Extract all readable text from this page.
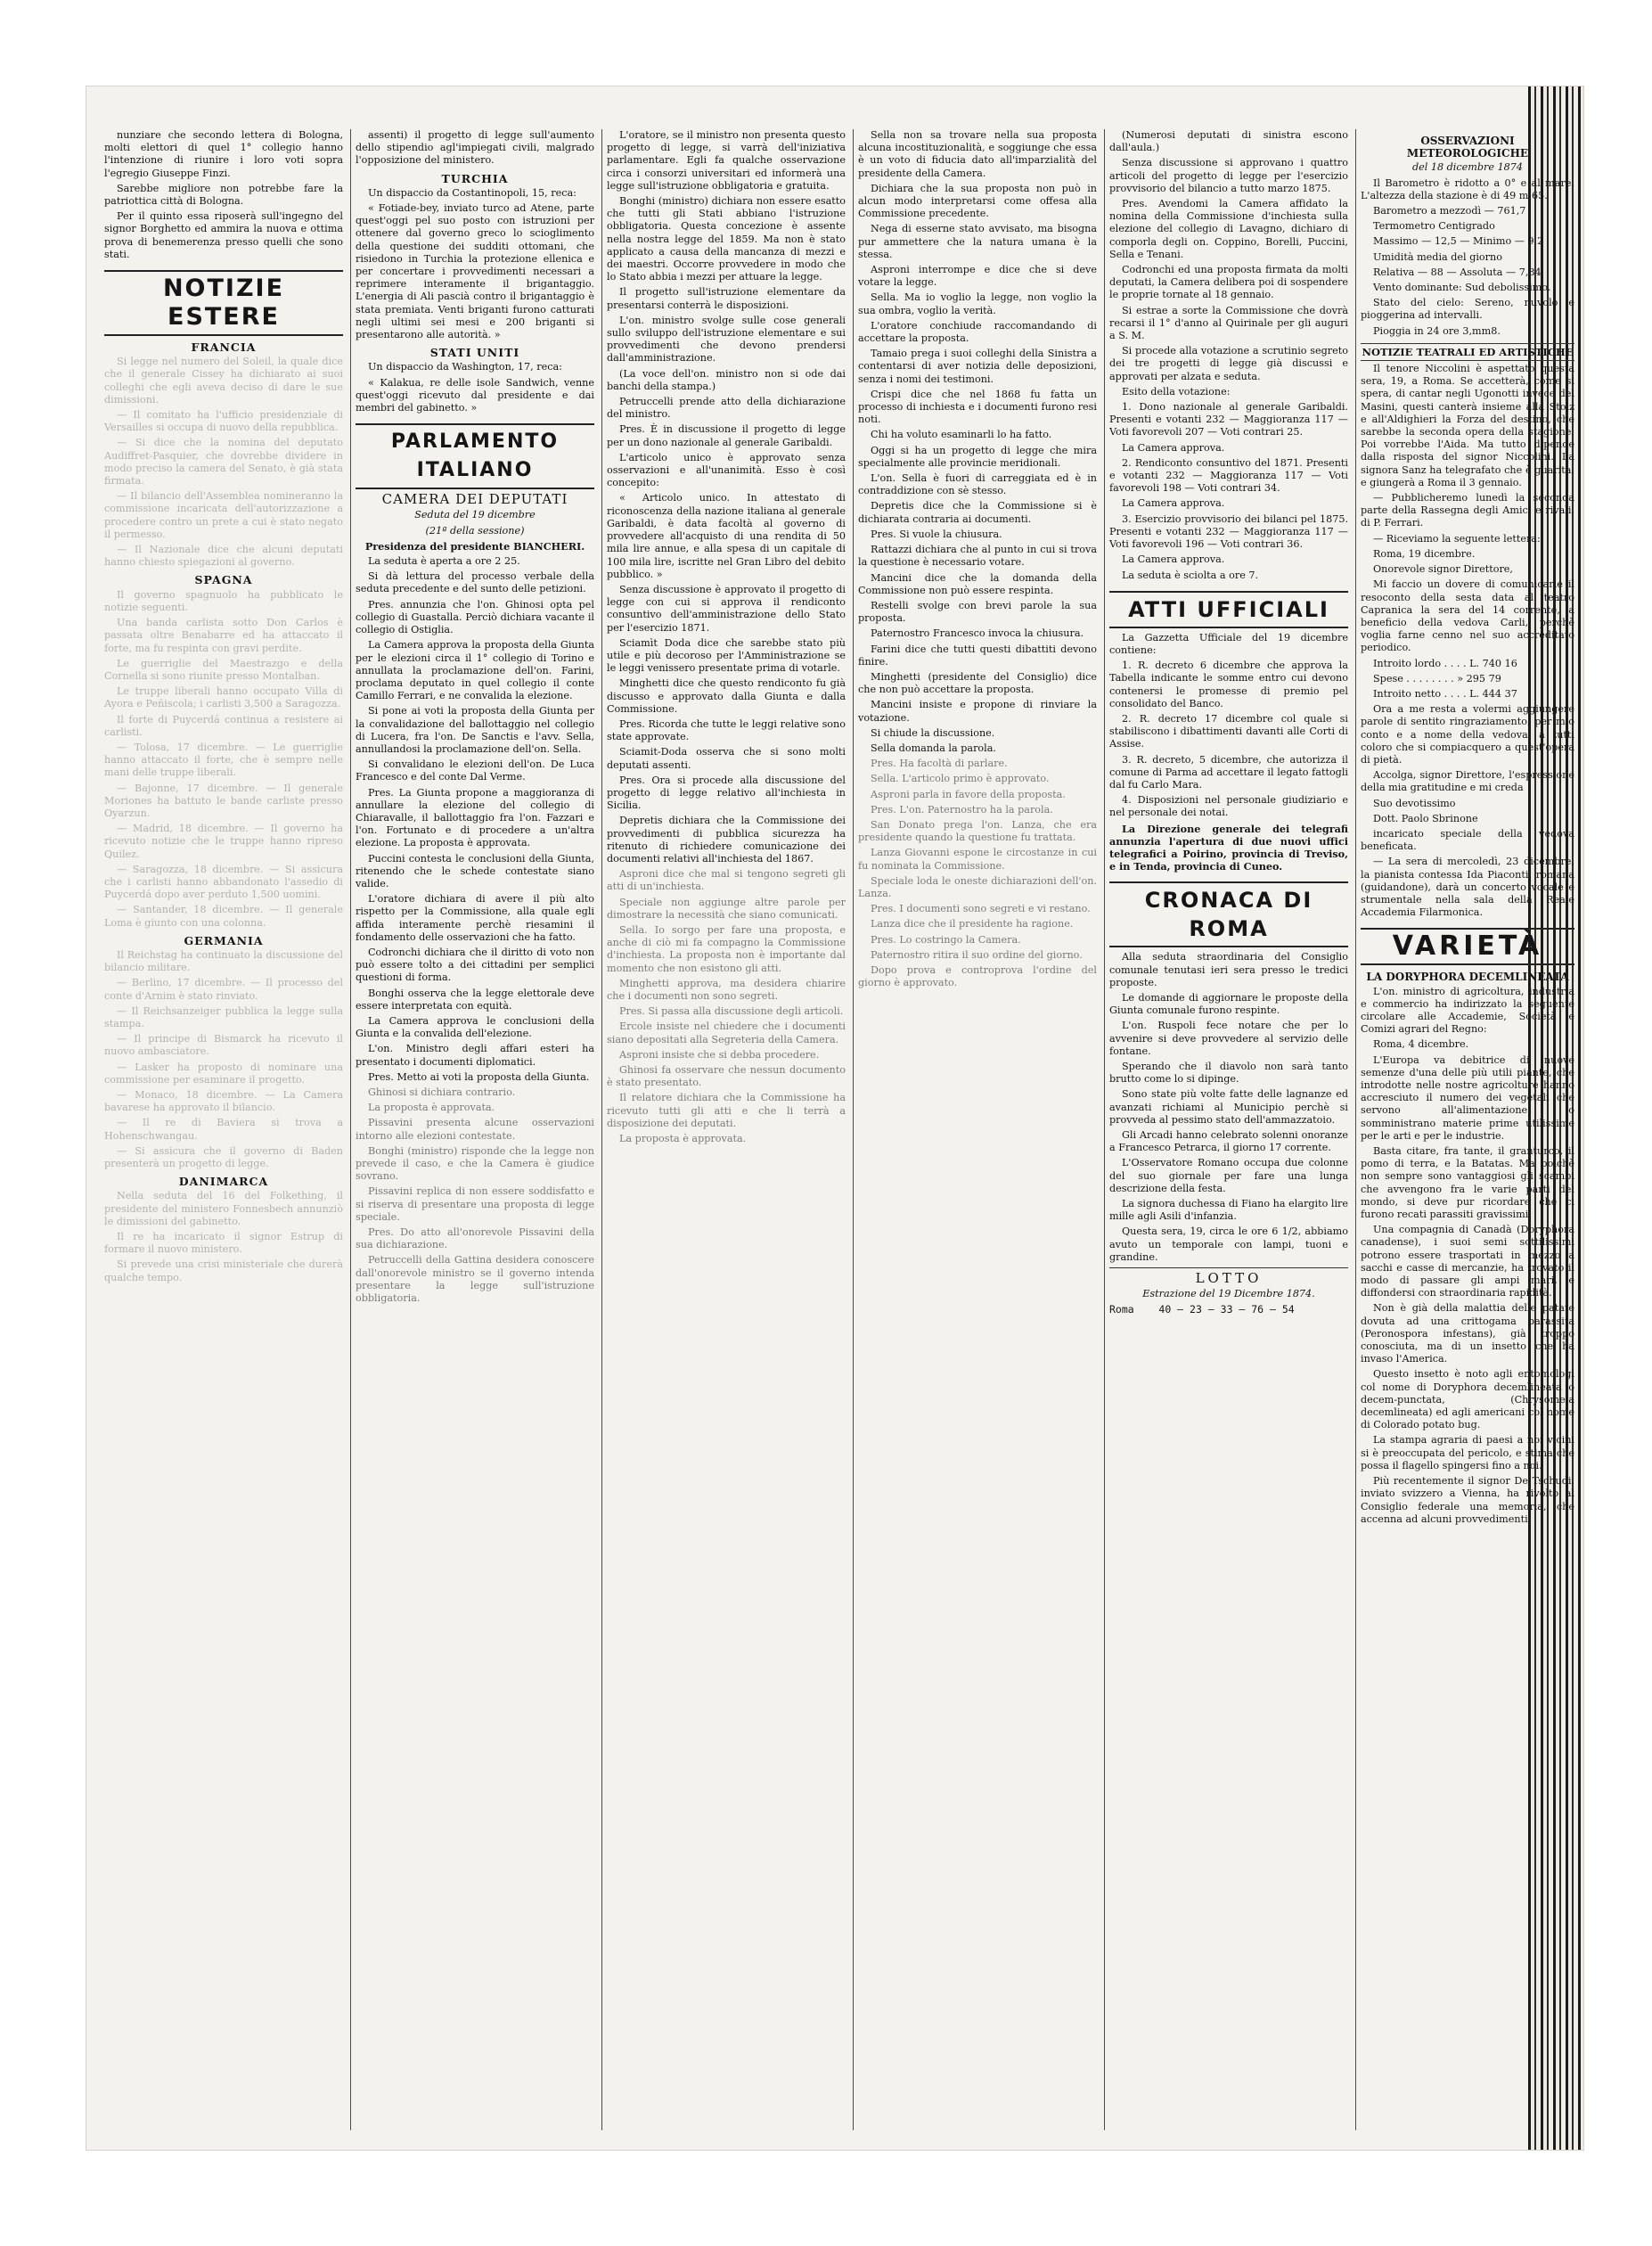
nunziare che secondo lettera di Bologna, molti elettori di quel 1° collegio hanno l'intenzione di riunire i loro voti sopra l'egregio Giuseppe Finzi.

Sarebbe migliore non potrebbe fare la patriottica città di Bologna.

Per il quinto essa riposerà sull'ingegno del signor Borghetto ed ammira la nuova e ottima prova di benemerenza presso quelli che sono stati.

NOTIZIE ESTERE
FRANCIA

Si legge nel numero del Soleil, la quale dice che il generale Cissey ha dichiarato ai suoi colleghi che egli aveva deciso di dare le sue dimissioni.

— Il comitato ha l'ufficio presidenziale di Versailles si occupa di nuovo della repubblica.

— Si dice che la nomina del deputato Audiffret-Pasquier, che dovrebbe dividere in modo preciso la camera del Senato, è già stata firmata.

— Il bilancio dell'Assemblea nomineranno la commissione incaricata dell'autorizzazione a procedere contro un prete a cui è stato negato il permesso.

— Il Nazionale dice che alcuni deputati hanno chiesto spiegazioni al governo.

SPAGNA

Il governo spagnuolo ha pubblicato le notizie seguenti.

Una banda carlista sotto Don Carlos è passata oltre Benabarre ed ha attaccato il forte, ma fu respinta con gravi perdite.

Le guerriglie del Maestrazgo e della Cornella si sono riunite presso Montalban.

Le truppe liberali hanno occupato Villa di Ayora e Peñiscola; i carlisti 3,500 a Saragozza.

Il forte di Puycerdá continua a resistere ai carlisti.

— Tolosa, 17 dicembre. — Le guerriglie hanno attaccato il forte, che è sempre nelle mani delle truppe liberali.

— Bajonne, 17 dicembre. — Il generale Moriones ha battuto le bande carliste presso Oyarzun.

— Madrid, 18 dicembre. — Il governo ha ricevuto notizie che le truppe hanno ripreso Quilez.

— Saragozza, 18 dicembre. — Si assicura che i carlisti hanno abbandonato l'assedio di Puycerdá dopo aver perduto 1,500 uomini.

— Santander, 18 dicembre. — Il generale Loma è giunto con una colonna.

GERMANIA

Il Reichstag ha continuato la discussione del bilancio militare.

— Berlino, 17 dicembre. — Il processo del conte d'Arnim è stato rinviato.

— Il Reichsanzeiger pubblica la legge sulla stampa.

— Il principe di Bismarck ha ricevuto il nuovo ambasciatore.

— Lasker ha proposto di nominare una commissione per esaminare il progetto.

— Monaco, 18 dicembre. — La Camera bavarese ha approvato il bilancio.

— Il re di Baviera si trova a Hohenschwangau.

— Si assicura che il governo di Baden presenterà un progetto di legge.

DANIMARCA

Nella seduta del 16 del Folkething, il presidente del ministero Fonnesbech annunziò le dimissioni del gabinetto.

Il re ha incaricato il signor Estrup di formare il nuovo ministero.

Si prevede una crisi ministeriale che durerà qualche tempo.

assenti) il progetto di legge sull'aumento dello stipendio agl'impiegati civili, malgrado l'opposizione del ministero.

TURCHIA

Un dispaccio da Costantinopoli, 15, reca:

« Fotiade-bey, inviato turco ad Atene, parte quest'oggi pel suo posto con istruzioni per ottenere dal governo greco lo scioglimento della questione dei sudditi ottomani, che risiedono in Turchia la protezione ellenica e per concertare i provvedimenti necessari a reprimere interamente il brigantaggio. L'energia di Ali pascià contro il brigantaggio è stata premiata. Venti briganti furono catturati negli ultimi sei mesi e 200 briganti si presentarono alle autorità. »

STATI UNITI

Un dispaccio da Washington, 17, reca:

« Kalakua, re delle isole Sandwich, venne quest'oggi ricevuto dal presidente e dai membri del gabinetto. »

PARLAMENTO ITALIANO
CAMERA DEI DEPUTATI

Seduta del 19 dicembre

(21ª della sessione)

Presidenza del presidente BIANCHERI.

La seduta è aperta a ore 2 25.

Si dà lettura del processo verbale della seduta precedente e del sunto delle petizioni.

Pres. annunzia che l'on. Ghinosi opta pel collegio di Guastalla. Perciò dichiara vacante il collegio di Ostiglia.

La Camera approva la proposta della Giunta per le elezioni circa il 1° collegio di Torino e annullata la proclamazione dell'on. Farini, proclama deputato in quel collegio il conte Camillo Ferrari, e ne convalida la elezione.

Si pone ai voti la proposta della Giunta per la convalidazione del ballottaggio nel collegio di Lucera, fra l'on. De Sanctis e l'avv. Sella, annullandosi la proclamazione dell'on. Sella.

Si convalidano le elezioni dell'on. De Luca Francesco e del conte Dal Verme.

Pres. La Giunta propone a maggioranza di annullare la elezione del collegio di Chiaravalle, il ballottaggio fra l'on. Fazzari e l'on. Fortunato e di procedere a un'altra elezione. La proposta è approvata.

Puccini contesta le conclusioni della Giunta, ritenendo che le schede contestate siano valide.

L'oratore dichiara di avere il più alto rispetto per la Commissione, alla quale egli affida interamente perchè riesamini il fondamento delle osservazioni che ha fatto.

Codronchi dichiara che il diritto di voto non può essere tolto a dei cittadini per semplici questioni di forma.

Bonghi osserva che la legge elettorale deve essere interpretata con equità.

La Camera approva le conclusioni della Giunta e la convalida dell'elezione.

L'on. Ministro degli affari esteri ha presentato i documenti diplomatici.

Pres. Metto ai voti la proposta della Giunta.

Ghinosi si dichiara contrario.

La proposta è approvata.

Pissavini presenta alcune osservazioni intorno alle elezioni contestate.

Bonghi (ministro) risponde che la legge non prevede il caso, e che la Camera è giudice sovrano.

Pissavini replica di non essere soddisfatto e si riserva di presentare una proposta di legge speciale.

Pres. Do atto all'onorevole Pissavini della sua dichiarazione.

Petruccelli della Gattina desidera conoscere dall'onorevole ministro se il governo intenda presentare la legge sull'istruzione obbligatoria.

L'oratore, se il ministro non presenta questo progetto di legge, si varrà dell'iniziativa parlamentare. Egli fa qualche osservazione circa i consorzi universitari ed informerà una legge sull'istruzione obbligatoria e gratuita.

Bonghi (ministro) dichiara non essere esatto che tutti gli Stati abbiano l'istruzione obbligatoria. Questa concezione è assente nella nostra legge del 1859. Ma non è stato applicato a causa della mancanza di mezzi e dei maestri. Occorre provvedere in modo che lo Stato abbia i mezzi per attuare la legge.

Il progetto sull'istruzione elementare da presentarsi conterrà le disposizioni.

L'on. ministro svolge sulle cose generali sullo sviluppo dell'istruzione elementare e sui provvedimenti che devono prendersi dall'amministrazione.

(La voce dell'on. ministro non si ode dai banchi della stampa.)

Petruccelli prende atto della dichiarazione del ministro.

Pres. È in discussione il progetto di legge per un dono nazionale al generale Garibaldi.

L'articolo unico è approvato senza osservazioni e all'unanimità. Esso è così concepito:

« Articolo unico. In attestato di riconoscenza della nazione italiana al generale Garibaldi, è data facoltà al governo di provvedere all'acquisto di una rendita di 50 mila lire annue, e alla spesa di un capitale di 100 mila lire, iscritte nel Gran Libro del debito pubblico. »

Senza discussione è approvato il progetto di legge con cui si approva il rendiconto consuntivo dell'amministrazione dello Stato per l'esercizio 1871.

Sciamìt Doda dice che sarebbe stato più utile e più decoroso per l'Amministrazione se le leggi venissero presentate prima di votarle.

Minghetti dice che questo rendiconto fu già discusso e approvato dalla Giunta e dalla Commissione.

Pres. Ricorda che tutte le leggi relative sono state approvate.

Sciamit-Doda osserva che si sono molti deputati assenti.

Pres. Ora si procede alla discussione del progetto di legge relativo all'inchiesta in Sicilia.

Depretis dichiara che la Commissione dei provvedimenti di pubblica sicurezza ha ritenuto di richiedere comunicazione dei documenti relativi all'inchiesta del 1867.

Asproni dice che mal si tengono segreti gli atti di un'inchiesta.

Speciale non aggiunge altre parole per dimostrare la necessità che siano comunicati.

Sella. Io sorgo per fare una proposta, e anche di ciò mi fa compagno la Commissione d'inchiesta. La proposta non è importante dal momento che non esistono gli atti.

Minghetti approva, ma desidera chiarire che i documenti non sono segreti.

Pres. Si passa alla discussione degli articoli.

Ercole insiste nel chiedere che i documenti siano depositati alla Segreteria della Camera.

Asproni insiste che si debba procedere.

Ghinosi fa osservare che nessun documento è stato presentato.

Il relatore dichiara che la Commissione ha ricevuto tutti gli atti e che li terrà a disposizione dei deputati.

La proposta è approvata.

Sella non sa trovare nella sua proposta alcuna incostituzionalità, e soggiunge che essa è un voto di fiducia dato all'imparzialità del presidente della Camera.

Dichiara che la sua proposta non può in alcun modo interpretarsi come offesa alla Commissione precedente.

Nega di esserne stato avvisato, ma bisogna pur ammettere che la natura umana è la stessa.

Asproni interrompe e dice che si deve votare la legge.

Sella. Ma io voglio la legge, non voglio la sua ombra, voglio la verità.

L'oratore conchiude raccomandando di accettare la proposta.

Tamaio prega i suoi colleghi della Sinistra a contentarsi di aver notizia delle deposizioni, senza i nomi dei testimoni.

Crispi dice che nel 1868 fu fatta un processo di inchiesta e i documenti furono resi noti.

Chi ha voluto esaminarli lo ha fatto.

Oggi si ha un progetto di legge che mira specialmente alle provincie meridionali.

L'on. Sella è fuori di carreggiata ed è in contraddizione con sè stesso.

Depretis dice che la Commissione si è dichiarata contraria ai documenti.

Pres. Si vuole la chiusura.

Rattazzi dichiara che al punto in cui si trova la questione è necessario votare.

Mancini dice che la domanda della Commissione non può essere respinta.

Restelli svolge con brevi parole la sua proposta.

Paternostro Francesco invoca la chiusura.

Farini dice che tutti questi dibattiti devono finire.

Minghetti (presidente del Consiglio) dice che non può accettare la proposta.

Mancini insiste e propone di rinviare la votazione.

Si chiude la discussione.

Sella domanda la parola.

Pres. Ha facoltà di parlare.

Sella. L'articolo primo è approvato.

Asproni parla in favore della proposta.

Pres. L'on. Paternostro ha la parola.

San Donato prega l'on. Lanza, che era presidente quando la questione fu trattata.

Lanza Giovanni espone le circostanze in cui fu nominata la Commissione.

Speciale loda le oneste dichiarazioni dell'on. Lanza.

Pres. I documenti sono segreti e vi restano.

Lanza dice che il presidente ha ragione.

Pres. Lo costringo la Camera.

Paternostro ritira il suo ordine del giorno.

Dopo prova e controprova l'ordine del giorno è approvato.

(Numerosi deputati di sinistra escono dall'aula.)

Senza discussione si approvano i quattro articoli del progetto di legge per l'esercizio provvisorio del bilancio a tutto marzo 1875.

Pres. Avendomi la Camera affidato la nomina della Commissione d'inchiesta sulla elezione del collegio di Lavagno, dichiaro di comporla degli on. Coppino, Borelli, Puccini, Sella e Tenani.

Codronchi ed una proposta firmata da molti deputati, la Camera delibera poi di sospendere le proprie tornate al 18 gennaio.

Si estrae a sorte la Commissione che dovrà recarsi il 1° d'anno al Quirinale per gli auguri a S. M.

Si procede alla votazione a scrutinio segreto dei tre progetti di legge già discussi e approvati per alzata e seduta.

Esito della votazione:

1. Dono nazionale al generale Garibaldi. Presenti e votanti 232 — Maggioranza 117 — Voti favorevoli 207 — Voti contrari 25.

La Camera approva.

2. Rendiconto consuntivo del 1871. Presenti e votanti 232 — Maggioranza 117 — Voti favorevoli 198 — Voti contrari 34.

La Camera approva.

3. Esercizio provvisorio dei bilanci pel 1875. Presenti e votanti 232 — Maggioranza 117 — Voti favorevoli 196 — Voti contrari 36.

La Camera approva.

La seduta è sciolta a ore 7.

ATTI UFFICIALI

La Gazzetta Ufficiale del 19 dicembre contiene:

1. R. decreto 6 dicembre che approva la Tabella indicante le somme entro cui devono contenersi le promesse di premio pel consolidato del Banco.

2. R. decreto 17 dicembre col quale si stabiliscono i dibattimenti davanti alle Corti di Assise.

3. R. decreto, 5 dicembre, che autorizza il comune di Parma ad accettare il legato fattogli dal fu Carlo Mara.

4. Disposizioni nel personale giudiziario e nel personale dei notai.

La Direzione generale dei telegrafi annunzia l'apertura di due nuovi uffici telegrafici a Poirino, provincia di Treviso, e in Tenda, provincia di Cuneo.

CRONACA DI ROMA

Alla seduta straordinaria del Consiglio comunale tenutasi ieri sera presso le tredici proposte.

Le domande di aggiornare le proposte della Giunta comunale furono respinte.

L'on. Ruspoli fece notare che per lo avvenire si deve provvedere al servizio delle fontane.

Sperando che il diavolo non sarà tanto brutto come lo si dipinge.

Sono state più volte fatte delle lagnanze ed avanzati richiami al Municipio perchè si provveda al pessimo stato dell'ammazzatoio.

Gli Arcadi hanno celebrato solenni onoranze a Francesco Petrarca, il giorno 17 corrente.

L'Osservatore Romano occupa due colonne del suo giornale per fare una lunga descrizione della festa.

La signora duchessa di Fiano ha elargito lire mille agli Asili d'infanzia.

Questa sera, 19, circa le ore 6 1/2, abbiamo avuto un temporale con lampi, tuoni e grandine.

LOTTO

Estrazione del 19 Dicembre 1874.

Roma 40 — 23 — 33 — 76 — 54

OSSERVAZIONI METEOROLOGICHE

del 18 dicembre 1874

Il Barometro è ridotto a 0° e al mare. L'altezza della stazione è di 49 m 65.

Barometro a mezzodì — 761,7

Termometro Centigrado

Massimo — 12,5 — Minimo — 9,2

Umidità media del giorno

Relativa — 88 — Assoluta — 7,84

Vento dominante: Sud debolissimo.

Stato del cielo: Sereno, nuvolo e pioggerina ad intervalli.

Pioggia in 24 ore 3,mm8.

NOTIZIE TEATRALI ED ARTISTICHE

Il tenore Niccolini è aspettato questa sera, 19, a Roma. Se accetterà, come si spera, di cantar negli Ugonotti invece del Masini, questi canterà insieme alla Stolz e all'Aldighieri la Forza del destino, che sarebbe la seconda opera della stagione. Poi vorrebbe l'Aida. Ma tutto dipende dalla risposta del signor Niccolini. La signora Sanz ha telegrafato che è guarita, e giungerà a Roma il 3 gennaio.

— Pubblicheremo lunedì la seconda parte della Rassegna degli Amici e rivali, di P. Ferrari.

— Riceviamo la seguente lettera:

Roma, 19 dicembre.

Onorevole signor Direttore,

Mi faccio un dovere di comunicarle il resoconto della sesta data al teatro Capranica la sera del 14 corrente, a beneficio della vedova Carli, perchè voglia farne cenno nel suo accreditato periodico.

Introito lordo . . . . L. 740 16

Spese . . . . . . . . » 295 79

Introito netto . . . . L. 444 37

Ora a me resta a volermi aggiungere parole di sentito ringraziamento, per mio conto e a nome della vedova, a tutti coloro che si compiacquero a quest'opera di pietà.

Accolga, signor Direttore, l'espressione della mia gratitudine e mi creda

Suo devotissimo

Dott. Paolo Sbrinone

incaricato speciale della vedova beneficata.

— La sera di mercoledì, 23 dicembre, la pianista contessa Ida Piaconti, romana (guidandone), darà un concerto vocale e strumentale nella sala della Reale Accademia Filarmonica.

VARIETÀ
LA DORYPHORA DECEMLINEATA

L'on. ministro di agricoltura, industria e commercio ha indirizzato la seguente circolare alle Accademie, Società e Comizi agrari del Regno:

Roma, 4 dicembre.

L'Europa va debitrice di nuove semenze d'una delle più utili piante, che introdotte nelle nostre agricolture hanno accresciuto il numero dei vegetali che servono all'alimentazione o somministrano materie prime utilissime per le arti e per le industrie.

Basta citare, fra tante, il granturco, il pomo di terra, e la Batatas. Ma poichè non sempre sono vantaggiosi gli scambi che avvengono fra le varie parti del mondo, si deve pur ricordare che ci furono recati parassiti gravissimi.

Una compagnia di Canadà (Doryphora canadense), i suoi semi sottilissimi potrono essere trasportati in mezzo a sacchi e casse di mercanzie, ha trovato il modo di passare gli ampi mari, e diffondersi con straordinaria rapidità.

Non è già della malattia delle patate dovuta ad una crittogama parassita (Peronospora infestans), già troppo conosciuta, ma di un insetto che ha invaso l'America.

Questo insetto è noto agli entomologi col nome di Doryphora decemlineata o decem-punctata, (Chrysomela decemlineata) ed agli americani col nome di Colorado potato bug.

La stampa agraria di paesi a noi vicini si è preoccupata del pericolo, e stima che possa il flagello spingersi fino a noi.

Più recentemente il signor De Tschudi, inviato svizzero a Vienna, ha rivolto al Consiglio federale una memoria, che accenna ad alcuni provvedimenti.
